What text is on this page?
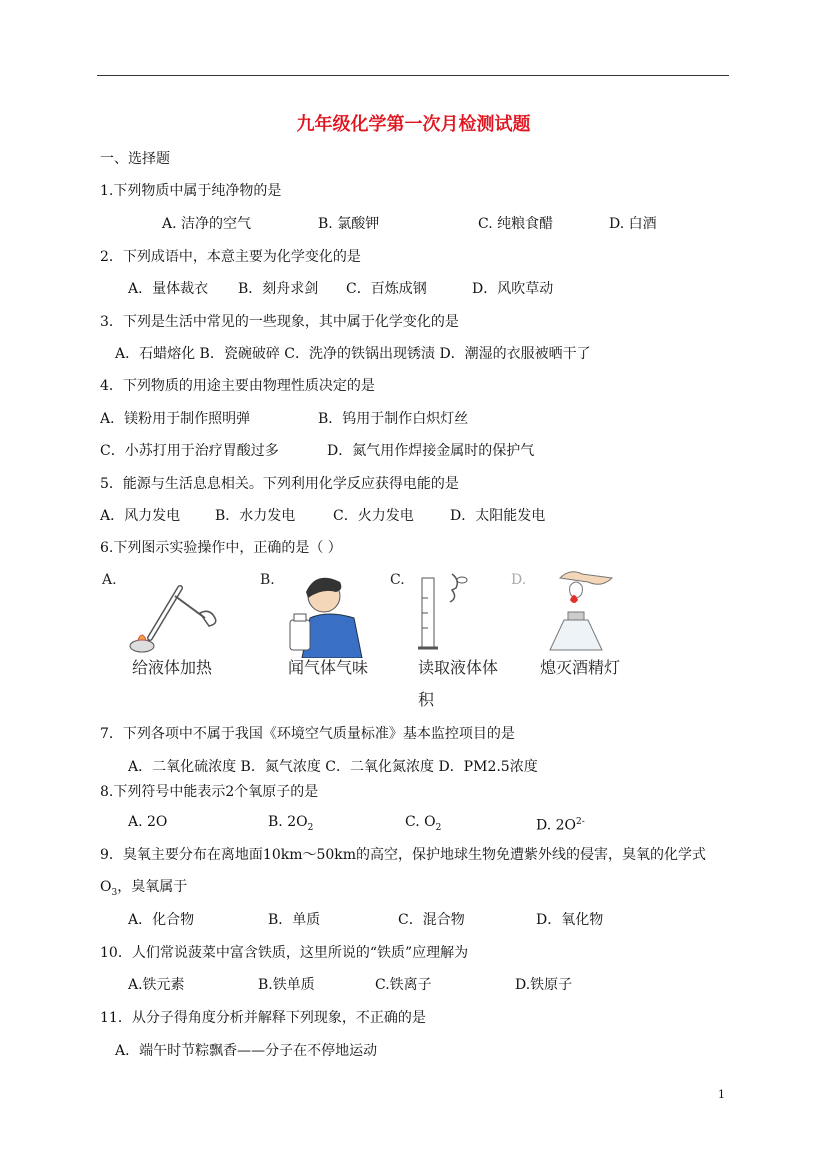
九年级化学第一次月检测试题
一、选择题
1.下列物质中属于纯净物的是
A. 洁净的空气	B. 氯酸钾	C. 纯粮食醋	D. 白酒
2．下列成语中，本意主要为化学变化的是
A．量体裁衣 B．刻舟求剑 C．百炼成钢	D．风吹草动
3．下列是生活中常见的一些现象，其中属于化学变化的是
A．石蜡熔化 B．瓷碗破碎 C．洗净的铁锅出现锈渍 D．潮湿的衣服被晒干了
4．下列物质的用途主要由物理性质决定的是
A．镁粉用于制作照明弹	B．钨用于制作白炽灯丝
C．小苏打用于治疗胃酸过多	D．氮气用作焊接金属时的保护气
5．能源与生活息息相关。下列利用化学反应获得电能的是
A．风力发电 B．水力发电	C．火力发电	D．太阳能发电
6.下列图示实验操作中，正确的是（ ）
A.
给液体加热
B.
闻气体气味
C.
读取液体体
积
D.
熄灭酒精灯
7．下列各项中不属于我国《环境空气质量标准》基本监控项目的是
A．二氧化硫浓度 B．氮气浓度 C．二氧化氮浓度 D．PM2.5浓度
8.下列符号中能表示2个氧原子的是
A. 2O	B. $2O_2$	C. $O_2$	D. $2O^{2-}$
9．臭氧主要分布在离地面10km～50km的高空，保护地球生物免遭紫外线的侵害，臭氧的化学式
$O_3$，臭氧属于
A．化合物	B．单质	C．混合物	D．氧化物
10．人们常说菠菜中富含铁质，这里所说的“铁质”应理解为
A.铁元素	B.铁单质	C.铁离子	D.铁原子
11．从分子得角度分析并解释下列现象，不正确的是
A．端午时节粽飘香——分子在不停地运动
1
